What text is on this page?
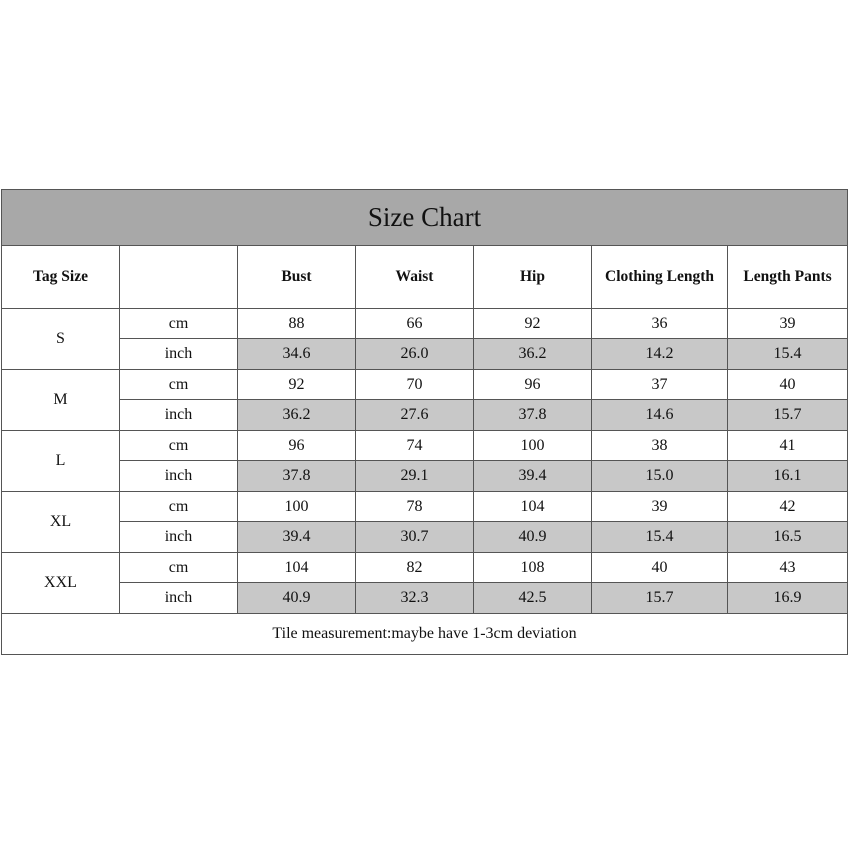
Size Chart						
Tag Size		Bust	Waist	Hip	Clothing Length	Length Pants
S	cm	88	66	92	36	39
	inch	34.6	26.0	36.2	14.2	15.4
M	cm	92	70	96	37	40
	inch	36.2	27.6	37.8	14.6	15.7
L	cm	96	74	100	38	41
	inch	37.8	29.1	39.4	15.0	16.1
XL	cm	100	78	104	39	42
	inch	39.4	30.7	40.9	15.4	16.5
XXL	cm	104	82	108	40	43
	inch	40.9	32.3	42.5	15.7	16.9
Tile measurement:maybe have 1-3cm deviation						
